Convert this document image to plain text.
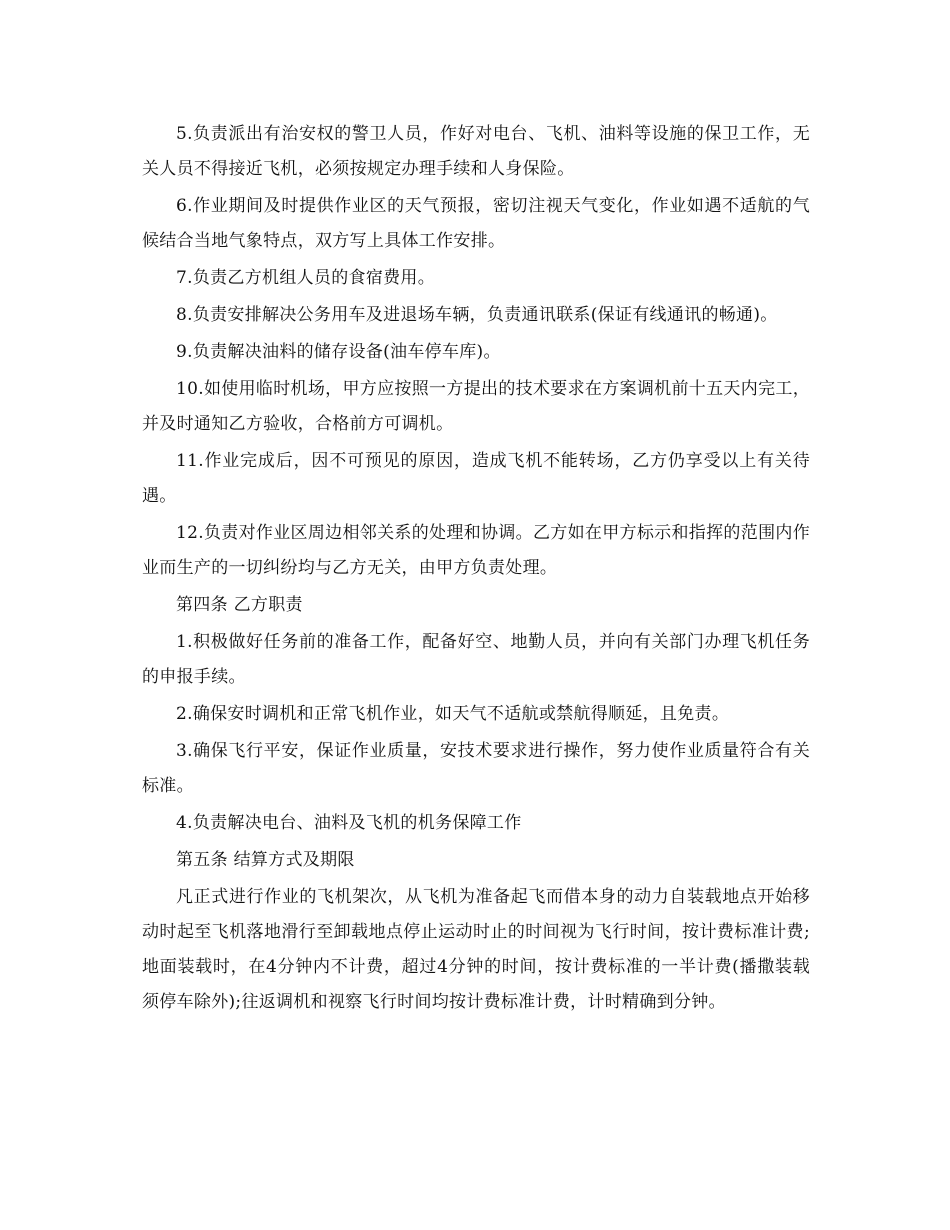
5.负责派出有治安权的警卫人员，作好对电台、飞机、油料等设施的保卫工作，无关人员不得接近飞机，必须按规定办理手续和人身保险。

6.作业期间及时提供作业区的天气预报，密切注视天气变化，作业如遇不适航的气候结合当地气象特点，双方写上具体工作安排。

7.负责乙方机组人员的食宿费用。

8.负责安排解决公务用车及进退场车辆，负责通讯联系(保证有线通讯的畅通)。

9.负责解决油料的储存设备(油车停车库)。

10.如使用临时机场，甲方应按照一方提出的技术要求在方案调机前十五天内完工，并及时通知乙方验收，合格前方可调机。

11.作业完成后，因不可预见的原因，造成飞机不能转场，乙方仍享受以上有关待遇。

12.负责对作业区周边相邻关系的处理和协调。乙方如在甲方标示和指挥的范围内作业而生产的一切纠纷均与乙方无关，由甲方负责处理。

第四条 乙方职责

1.积极做好任务前的准备工作，配备好空、地勤人员，并向有关部门办理飞机任务的申报手续。

2.确保安时调机和正常飞机作业，如天气不适航或禁航得顺延，且免责。

3.确保飞行平安，保证作业质量，安技术要求进行操作，努力使作业质量符合有关标准。

4.负责解决电台、油料及飞机的机务保障工作

第五条 结算方式及期限

凡正式进行作业的飞机架次，从飞机为准备起飞而借本身的动力自装载地点开始移动时起至飞机落地滑行至卸载地点停止运动时止的时间视为飞行时间，按计费标准计费;地面装载时，在4分钟内不计费，超过4分钟的时间，按计费标准的一半计费(播撒装载须停车除外);往返调机和视察飞行时间均按计费标准计费，计时精确到分钟。
